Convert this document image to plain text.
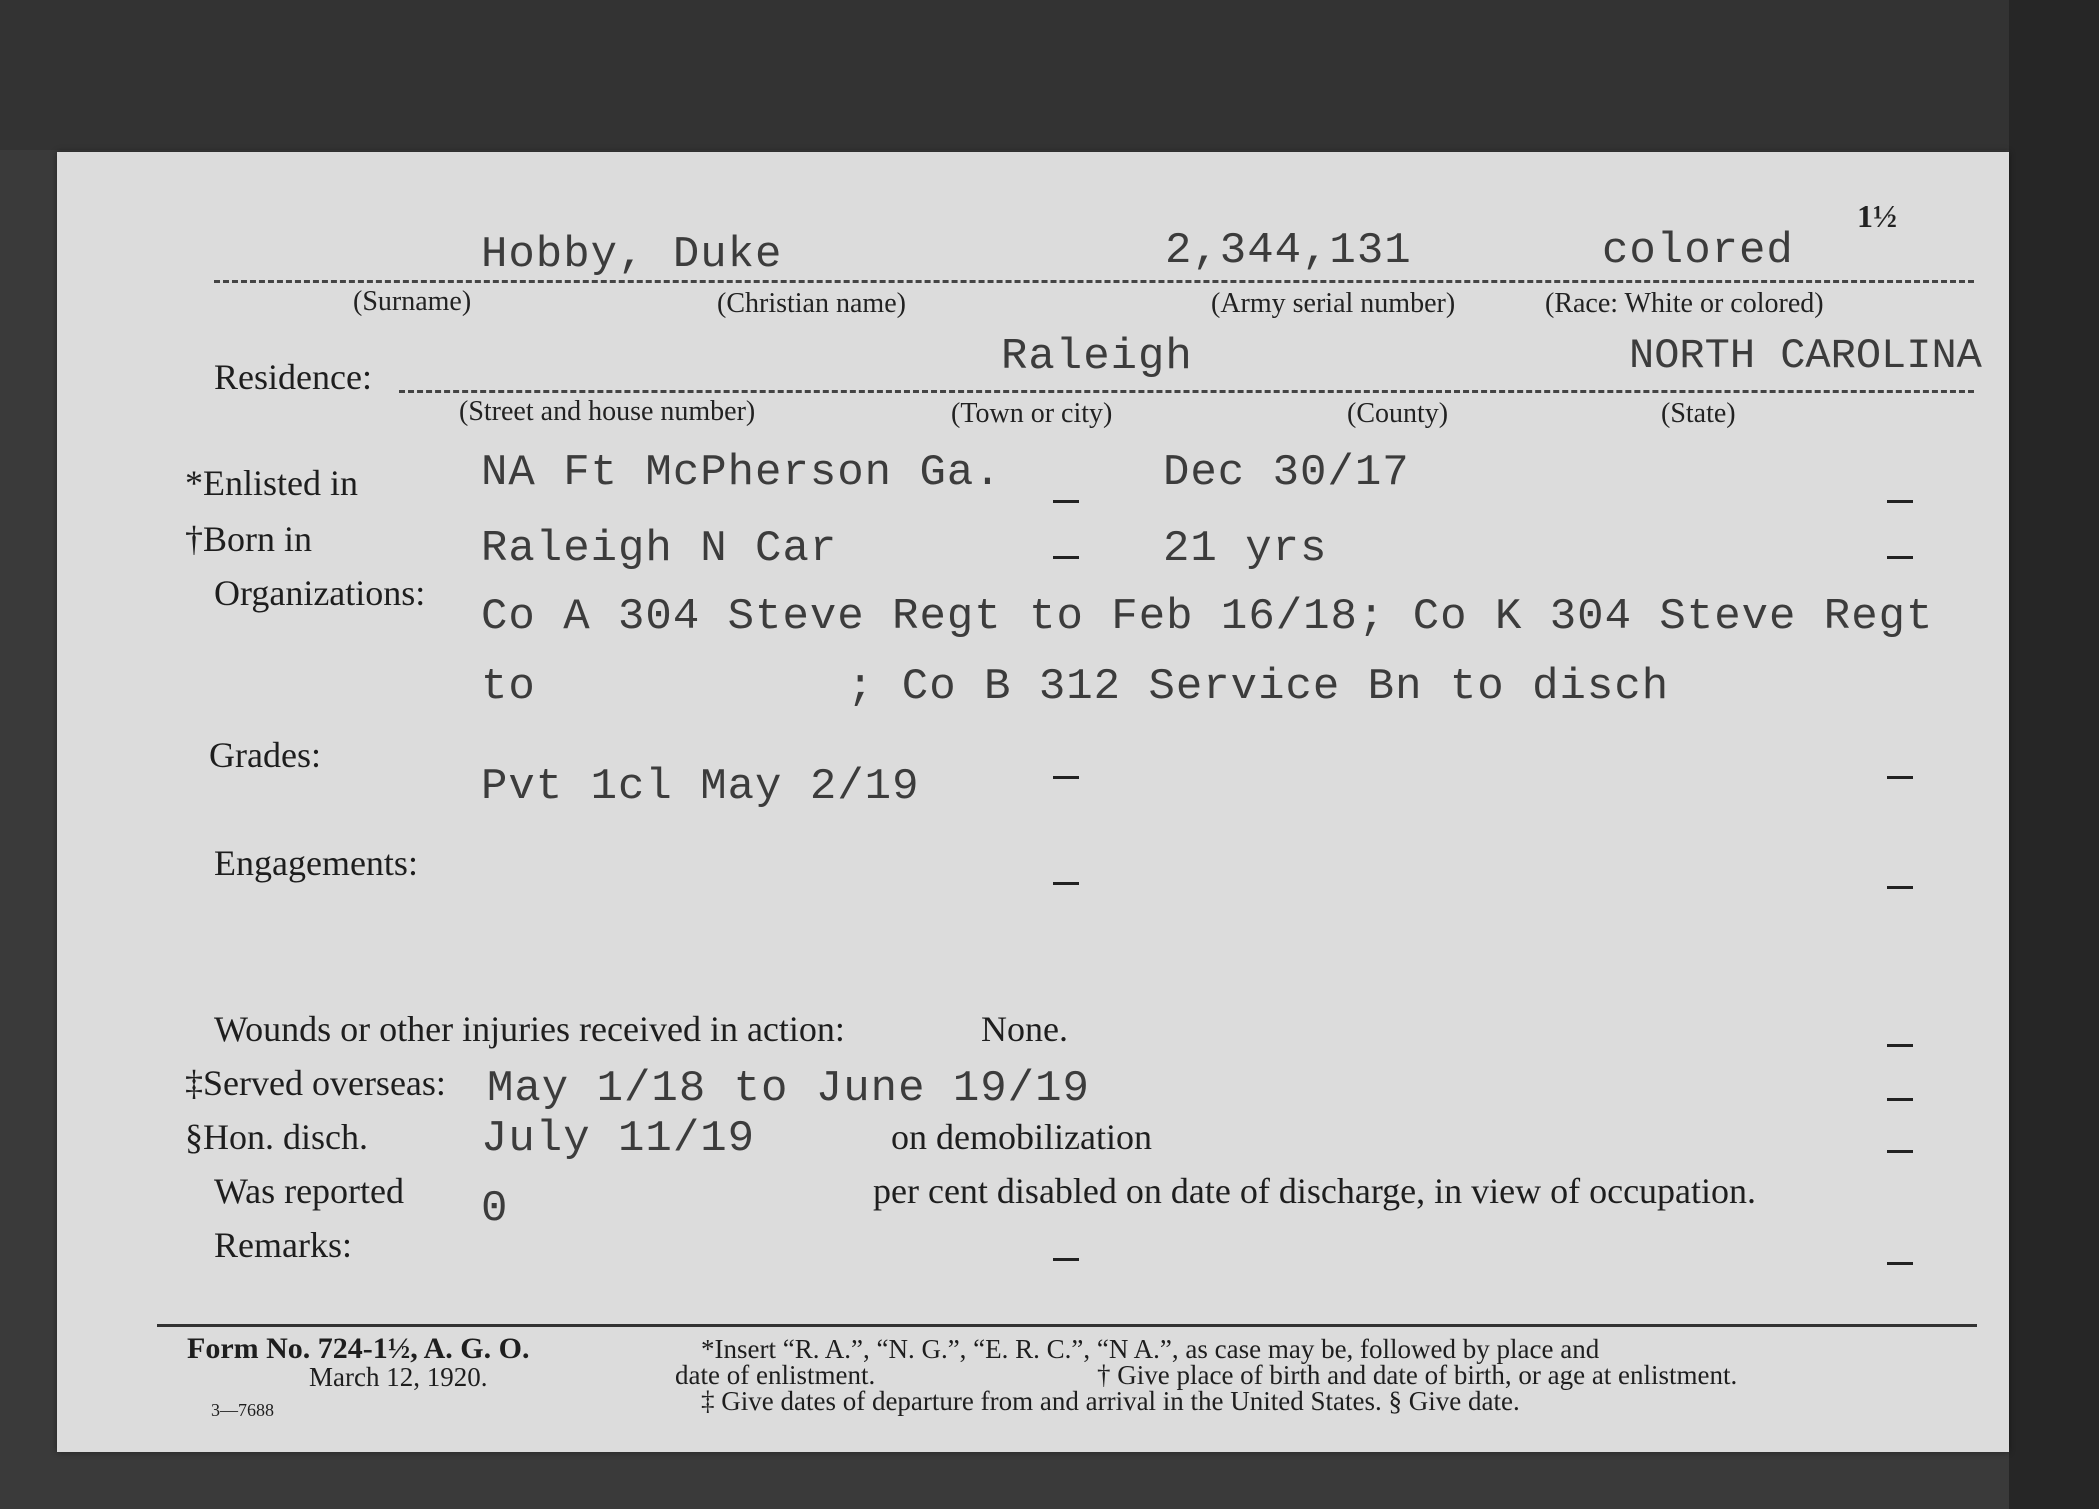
1½
Hobby, Duke	2,344,131	colored
(Surname)	(Christian name)	(Army serial number)	(Race: White or colored)
Residence:	Raleigh	NORTH CAROLINA
(Street and house number)	(Town or city)	(County)	(State)
*Enlisted in	NA Ft McPherson Ga.	Dec 30/17
†Born in	Raleigh N Car	21 yrs
Organizations: Co A 304 Steve Regt to Feb 16/18; Co K 304 Steve Regt
to	; Co B 312 Service Bn to disch
Grades:
Pvt 1cl May 2/19
Engagements:
Wounds or other injuries received in action:	None.
‡Served overseas: May 1/18 to June 19/19
§Hon. disch.	July 11/19	on demobilization
Was reported 0	per cent disabled on date of discharge, in view of occupation.
Remarks:
Form No. 724-1½, A. G. O.
March 12, 1920.
3—7688
*Insert “R. A.”, “N. G.”, “E. R. C.”, “N A.”, as case may be, followed by place and
date of enlistment.	† Give place of birth and date of birth, or age at enlistment.
‡ Give dates of departure from and arrival in the United States. § Give date.
